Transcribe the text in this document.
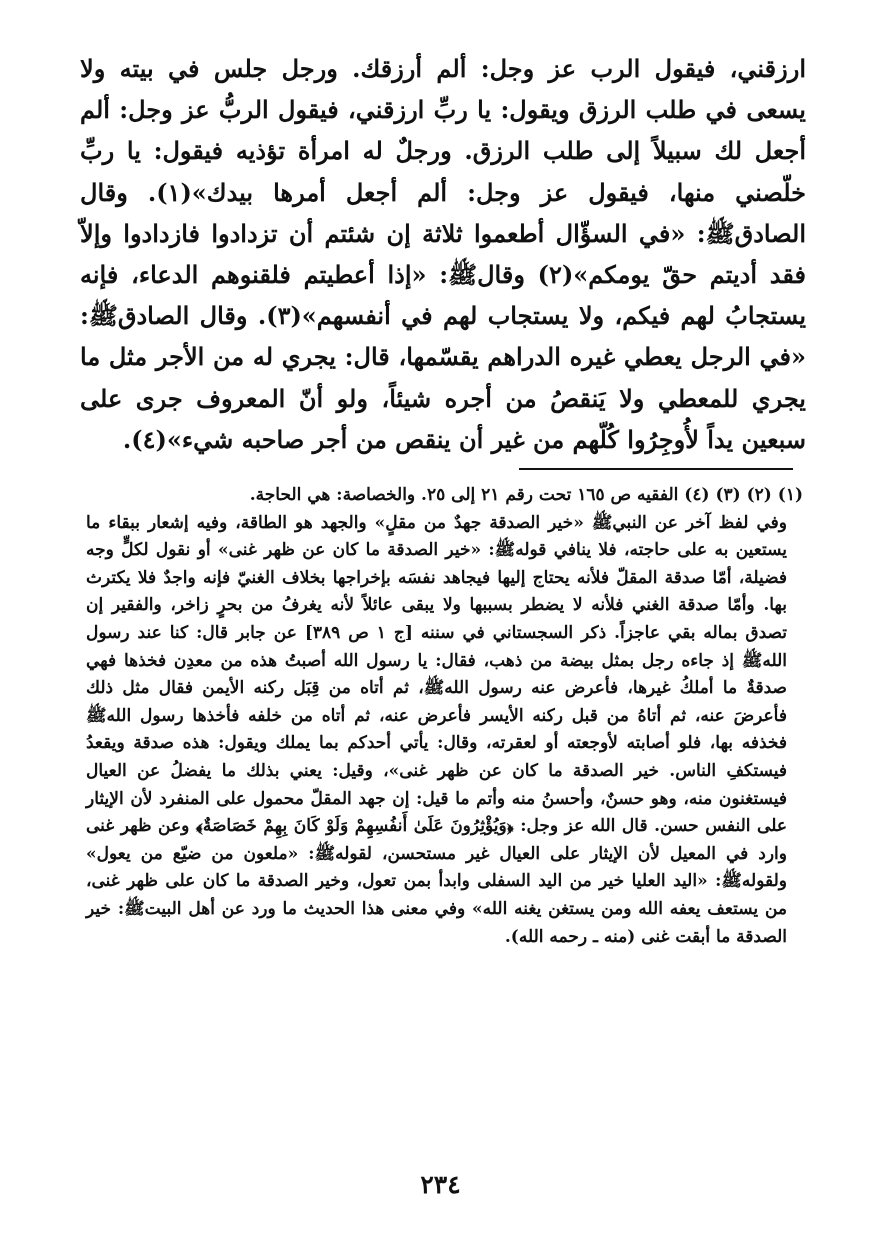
ارزقني، فيقول الرب عز وجل: ألم أرزقك. ورجل جلس في بيته ولا يسعى في طلب الرزق ويقول: يا ربِّ ارزقني، فيقول الربُّ عز وجل: ألم أجعل لك سبيلاً إلى طلب الرزق. ورجلٌ له امرأة تؤذيه فيقول: يا ربِّ خلّصني منها، فيقول عز وجل: ألم أجعل أمرها بيدك»(١). وقال الصادقﷺ: «في السؤّال أطعموا ثلاثة إن شئتم أن تزدادوا فازدادوا وإلاّ فقد أديتم حقّ يومكم»(٢) وقالﷺ: «إذا أعطيتم فلقنوهم الدعاء، فإنه يستجابُ لهم فيكم، ولا يستجاب لهم في أنفسهم»(٣). وقال الصادقﷺ: «في الرجل يعطي غيره الدراهم يقسّمها، قال: يجري له من الأجر مثل ما يجري للمعطي ولا يَنقصُ من أجره شيئاً، ولو أنّ المعروف جرى على سبعين يداً لأُوجِرُوا كُلّهم من غير أن ينقص من أجر صاحبه شيء»(٤).

(١) (٢) (٣) (٤) الفقيه ص ١٦٥ تحت رقم ٢١ إلى ٢٥. والخصاصة: هي الحاجة.

وفي لفظ آخر عن النبيﷺ «خير الصدقة جهدٌ من مقلٍ» والجهد هو الطاقة، وفيه إشعار ببقاء ما يستعين به على حاجته، فلا ينافي قولهﷺ: «خير الصدقة ما كان عن ظهر غنى» أو نقول لكلٍّ وجه فضيلة، أمّا صدقة المقلّ فلأنه يحتاج إليها فيجاهد نفسَه بإخراجها بخلاف الغنيّ فإنه واجدٌ فلا يكترث بها. وأمّا صدقة الغني فلأنه لا يضطر بسببها ولا يبقى عائلاً لأنه يغرفُ من بحرٍ زاخر، والفقير إن تصدق بماله بقي عاجزاً. ذكر السجستاني في سننه [ج ١ ص ٣٨٩] عن جابر قال: كنا عند رسول اللهﷺ إذ جاءه رجل بمثل بيضة من ذهب، فقال: يا رسول الله أصبتُ هذه من معدِن فخذها فهي صدقةٌ ما أملكُ غيرها، فأعرض عنه رسول اللهﷺ، ثم أتاه من قِبَل ركنه الأيمن فقال مثل ذلك فأعرضَ عنه، ثم أتاهُ من قبل ركنه الأيسر فأعرض عنه، ثم أتاه من خلفه فأخذها رسول اللهﷺ فخذفه بها، فلو أصابته لأوجعته أو لعقرته، وقال: يأتي أحدكم بما يملك ويقول: هذه صدقة ويقعدُ فيستكفِ الناس. خير الصدقة ما كان عن ظهر غنى»، وقيل: يعني بذلك ما يفضلُ عن العيال فيستغنون منه، وهو حسنٌ، وأحسنُ منه وأتم ما قيل: إن جهد المقلّ محمول على المنفرد لأن الإيثار على النفس حسن. قال الله عز وجل: ﴿وَيُؤْثِرُونَ عَلَىٰ أَنفُسِهِمْ وَلَوْ كَانَ بِهِمْ خَصَاصَةٌ﴾ وعن ظهر غنى وارد في المعيل لأن الإيثار على العيال غير مستحسن، لقولهﷺ: «ملعون من ضيّع من يعول» ولقولهﷺ: «اليد العليا خير من اليد السفلى وابدأ بمن تعول، وخير الصدقة ما كان على ظهر غنى، من يستعف يعفه الله ومن يستغن يغنه الله» وفي معنى هذا الحديث ما ورد عن أهل البيتﷺ: خير الصدقة ما أبقت غنى (منه ـ رحمه الله).

٢٣٤
